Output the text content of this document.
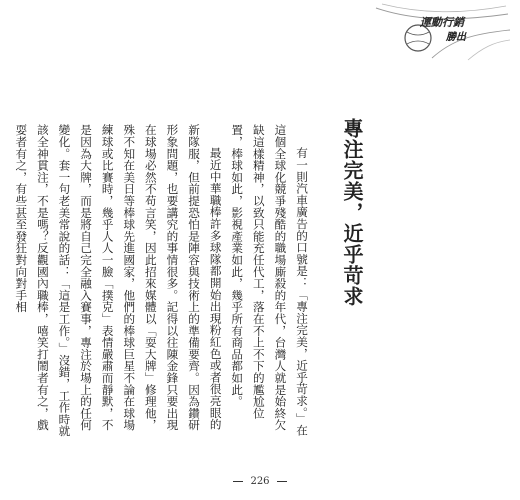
運動行銷
勝出
專注完美，近乎苛求

有一則汽車廣告的口號是：「專注完美，近乎苛求。」在這個全球化競爭殘酷的職場廝殺的年代，台灣人就是始終欠缺這樣精神，以致只能充任代工，落在不上不下的尷尬位置，棒球如此，影視產業如此，幾乎所有商品都如此。

最近中華職棒許多球隊都開始出現粉紅色或者很亮眼的新隊服，但前提恐怕是陣容與技術上的準備要齊。因為鑽研形象問題，也要講究的事情很多。記得以往陳金鋒只要出現在球場必然不苟言笑，因此招來媒體以「耍大牌」修理他，殊不知在美日等棒球先進國家，他們的棒球巨星不論在球場練球或比賽時，幾乎人人一臉「撲克」表情嚴肅而靜默，不是因為大牌，而是將自己完全融入賽事，專注於場上的任何變化。套一句老美常說的話：「這是工作。」沒錯，工作時就該全神貫注，不是嗎？反觀國內職棒，嘻笑打鬧者有之，戲耍者有之，有些甚至發狂對向對手相

226
